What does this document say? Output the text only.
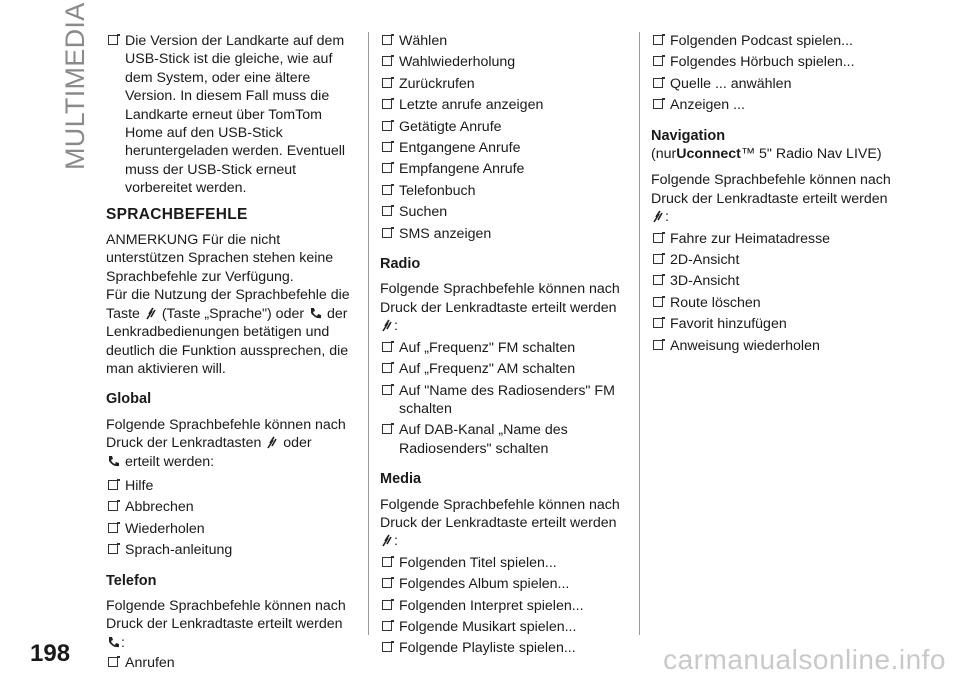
MULTIMEDIA
198	carmanualsonline.info
Die Version der Landkarte auf dem USB-Stick ist die gleiche, wie auf dem System, oder eine ältere Version. In diesem Fall muss die Landkarte erneut über TomTom Home auf den USB-Stick heruntergeladen werden. Eventuell muss der USB-Stick erneut vorbereitet werden.
SPRACHBEFEHLE

ANMERKUNG Für die nicht unterstützen Sprachen stehen keine Sprachbefehle zur Verfügung.

Für die Nutzung der Sprachbefehle die Taste (Taste „Sprache") oder der Lenkradbedienungen betätigen und deutlich die Funktion aussprechen, die man aktivieren will.

Global

Folgende Sprachbefehle können nach Druck der Lenkradtasten oder
erteilt werden:

Hilfe
Abbrechen
Wiederholen
Sprach-anleitung
Telefon

Folgende Sprachbefehle können nach Druck der Lenkradtaste erteilt werden
:

Anrufen
Wählen
Wahlwiederholung
Zurückrufen
Letzte anrufe anzeigen
Getätigte Anrufe
Entgangene Anrufe
Empfangene Anrufe
Telefonbuch
Suchen
SMS anzeigen
Radio

Folgende Sprachbefehle können nach Druck der Lenkradtaste erteilt werden
:

Auf „Frequenz" FM schalten
Auf „Frequenz" AM schalten
Auf "Name des Radiosenders" FM schalten
Auf DAB-Kanal „Name des Radiosenders" schalten
Media

Folgende Sprachbefehle können nach Druck der Lenkradtaste erteilt werden
:

Folgenden Titel spielen...
Folgendes Album spielen...
Folgenden Interpret spielen...
Folgende Musikart spielen...
Folgende Playliste spielen...
Folgenden Podcast spielen...
Folgendes Hörbuch spielen...
Quelle ... anwählen
Anzeigen ...
Navigation

(nurUconnect™ 5" Radio Nav LIVE)

Folgende Sprachbefehle können nach Druck der Lenkradtaste erteilt werden
:

Fahre zur Heimatadresse
2D-Ansicht
3D-Ansicht
Route löschen
Favorit hinzufügen
Anweisung wiederholen
